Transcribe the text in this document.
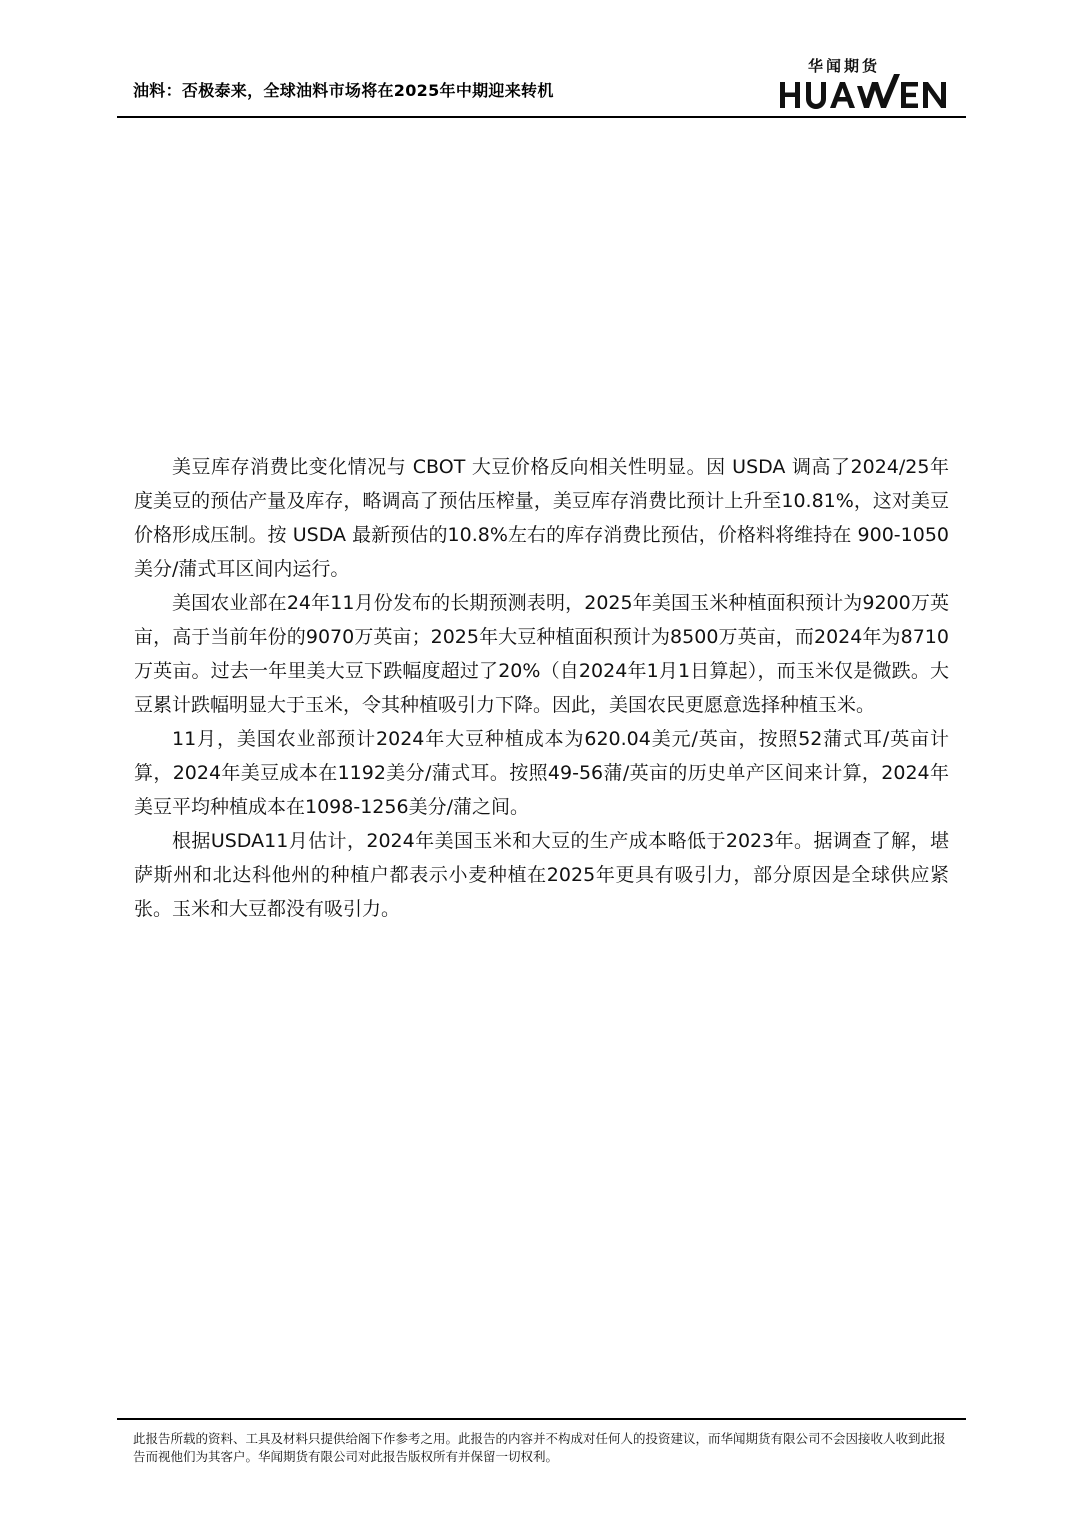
油料：否极泰来，全球油料市场将在2025年中期迎来转机
华闻期货

美豆库存消费比变化情况与 CBOT 大豆价格反向相关性明显。因 USDA 调高了2024/25年度美豆的预估产量及库存，略调高了预估压榨量，美豆库存消费比预计上升至10.81%，这对美豆价格形成压制。按 USDA 最新预估的10.8%左右的库存消费比预估，价格料将维持在 900-1050 美分/蒲式耳区间内运行。

美国农业部在24年11月份发布的长期预测表明，2025年美国玉米种植面积预计为9200万英亩，高于当前年份的9070万英亩；2025年大豆种植面积预计为8500万英亩，而2024年为8710万英亩。过去一年里美大豆下跌幅度超过了20%（自2024年1月1日算起），而玉米仅是微跌。大豆累计跌幅明显大于玉米，令其种植吸引力下降。因此，美国农民更愿意选择种植玉米。

11月，美国农业部预计2024年大豆种植成本为620.04美元/英亩，按照52蒲式耳/英亩计算，2024年美豆成本在1192美分/蒲式耳。按照49-56蒲/英亩的历史单产区间来计算，2024年美豆平均种植成本在1098-1256美分/蒲之间。

根据USDA11月估计，2024年美国玉米和大豆的生产成本略低于2023年。据调查了解，堪萨斯州和北达科他州的种植户都表示小麦种植在2025年更具有吸引力，部分原因是全球供应紧张。玉米和大豆都没有吸引力。

此报告所载的资料、工具及材料只提供给阁下作参考之用。此报告的内容并不构成对任何人的投资建议，而华闻期货有限公司不会因接收人收到此报告而视他们为其客户。华闻期货有限公司对此报告版权所有并保留一切权利。
